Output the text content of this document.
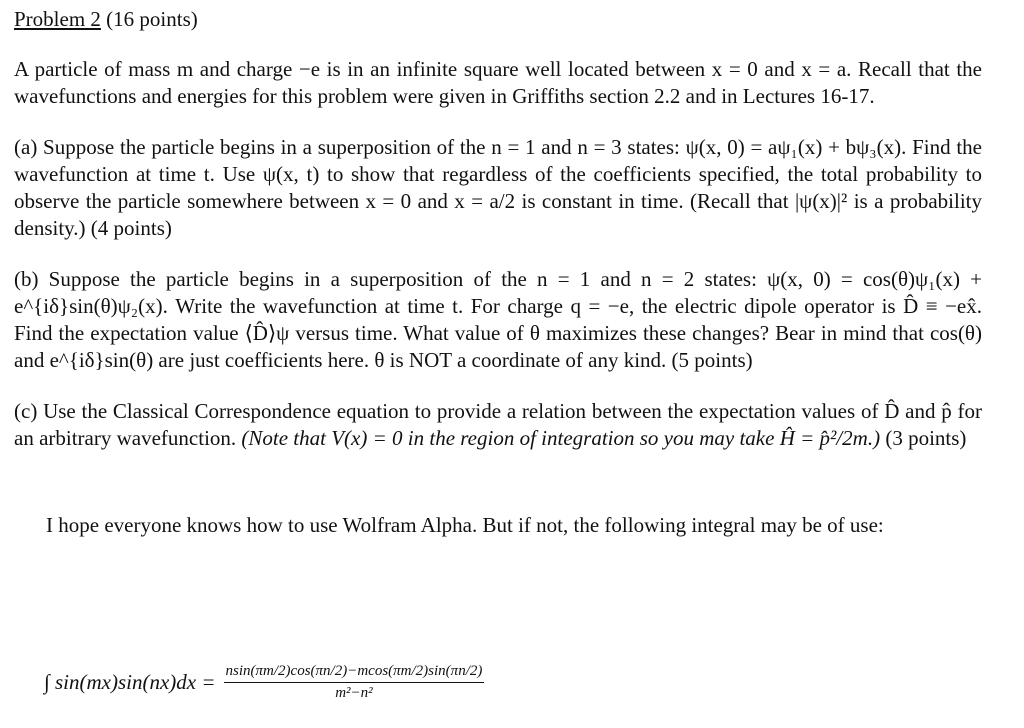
Problem 2 (16 points)

A particle of mass m and charge −e is in an infinite square well located between x = 0 and x = a. Recall that the wavefunctions and energies for this problem were given in Griffiths section 2.2 and in Lectures 16-17.

(a) Suppose the particle begins in a superposition of the n = 1 and n = 3 states: ψ(x, 0) = aψ₁(x) + bψ₃(x). Find the wavefunction at time t. Use ψ(x, t) to show that regardless of the coefficients specified, the total probability to observe the particle somewhere between x = 0 and x = a/2 is constant in time. (Recall that |ψ(x)|² is a probability density.) (4 points)

(b) Suppose the particle begins in a superposition of the n = 1 and n = 2 states: ψ(x, 0) = cos(θ)ψ₁(x) + e^{iδ}sin(θ)ψ₂(x). Write the wavefunction at time t. For charge q = −e, the electric dipole operator is D̂ ≡ −ex̂. Find the expectation value ⟨D̂⟩ψ versus time. What value of θ maximizes these changes? Bear in mind that cos(θ) and e^{iδ}sin(θ) are just coefficients here. θ is NOT a coordinate of any kind. (5 points)

(c) Use the Classical Correspondence equation to provide a relation between the expectation values of D̂ and p̂ for an arbitrary wavefunction. (Note that V(x) = 0 in the region of integration so you may take Ĥ = p̂²/2m.) (3 points)

I hope everyone knows how to use Wolfram Alpha. But if not, the following integral may be of use:

∫ $\sin(mx)\sin(nx)dx = \frac{nsin(\pi m/2)\cos(\pi n/2)-mcos(\pi m/2)\sin(\pi n/2)}{\text{m²−n²}}$
